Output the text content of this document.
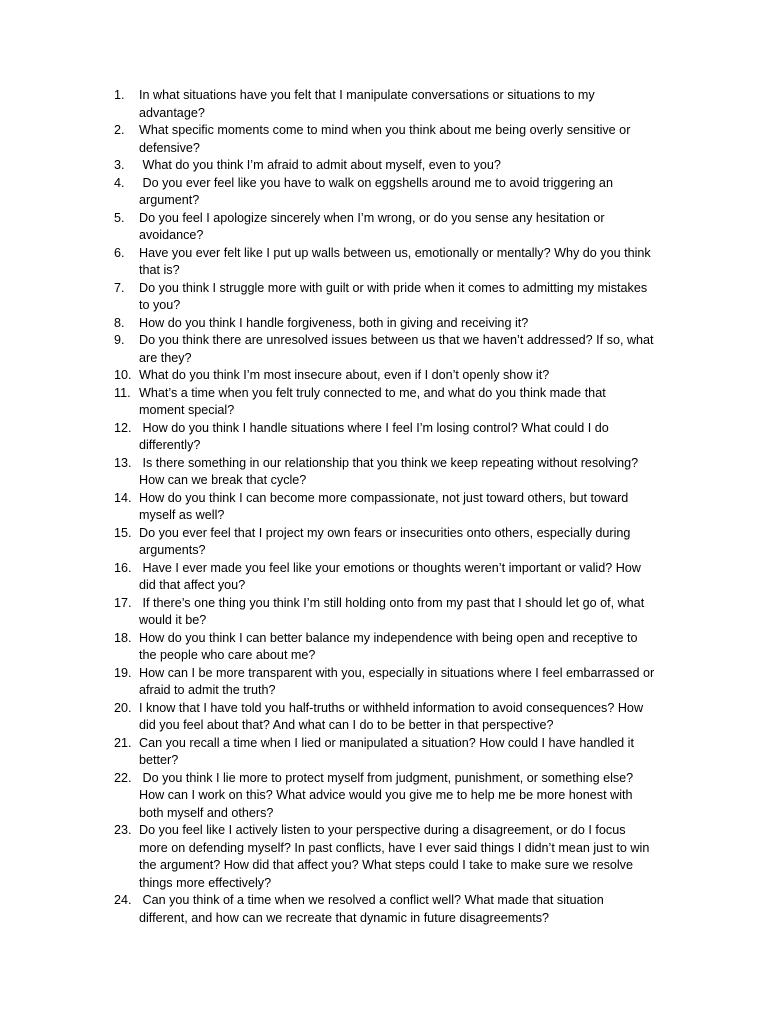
1.	In what situations have you felt that I manipulate conversations or situations to my
advantage?
2.	What specific moments come to mind when you think about me being overly sensitive or
defensive?
3.	What do you think I’m afraid to admit about myself, even to you?
4.	Do you ever feel like you have to walk on eggshells around me to avoid triggering an
argument?
5.	Do you feel I apologize sincerely when I’m wrong, or do you sense any hesitation or
avoidance?
6.	Have you ever felt like I put up walls between us, emotionally or mentally? Why do you think
that is?
7.	Do you think I struggle more with guilt or with pride when it comes to admitting my mistakes
to you?
8.	How do you think I handle forgiveness, both in giving and receiving it?
9.	Do you think there are unresolved issues between us that we haven’t addressed? If so, what
are they?
10. What do you think I’m most insecure about, even if I don’t openly show it?
11. What’s a time when you felt truly connected to me, and what do you think made that
moment special?
12. How do you think I handle situations where I feel I’m losing control? What could I do
differently?
13. Is there something in our relationship that you think we keep repeating without resolving?
How can we break that cycle?
14. How do you think I can become more compassionate, not just toward others, but toward
myself as well?
15. Do you ever feel that I project my own fears or insecurities onto others, especially during
arguments?
16. Have I ever made you feel like your emotions or thoughts weren’t important or valid? How
did that affect you?
17. If there’s one thing you think I’m still holding onto from my past that I should let go of, what
would it be?
18. How do you think I can better balance my independence with being open and receptive to
the people who care about me?
19. How can I be more transparent with you, especially in situations where I feel embarrassed or
afraid to admit the truth?
20. I know that I have told you half-truths or withheld information to avoid consequences? How
did you feel about that? And what can I do to be better in that perspective?
21. Can you recall a time when I lied or manipulated a situation? How could I have handled it
better?
22. Do you think I lie more to protect myself from judgment, punishment, or something else?
How can I work on this? What advice would you give me to help me be more honest with
both myself and others?
23. Do you feel like I actively listen to your perspective during a disagreement, or do I focus
more on defending myself? In past conflicts, have I ever said things I didn’t mean just to win
the argument? How did that affect you? What steps could I take to make sure we resolve
things more effectively?
24. Can you think of a time when we resolved a conflict well? What made that situation
different, and how can we recreate that dynamic in future disagreements?
